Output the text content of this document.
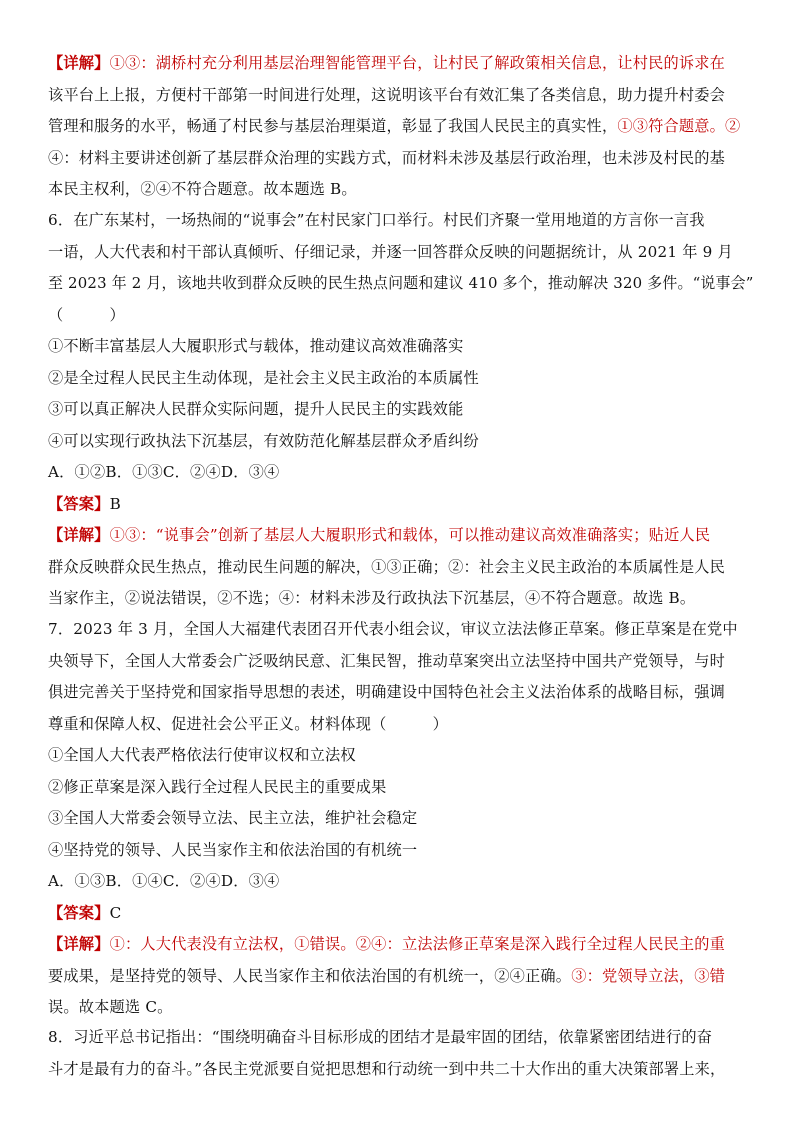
【详解】①③：湖桥村充分利用基层治理智能管理平台，让村民了解政策相关信息，让村民的诉求在
该平台上上报，方便村干部第一时间进行处理，这说明该平台有效汇集了各类信息，助力提升村委会
管理和服务的水平，畅通了村民参与基层治理渠道，彰显了我国人民民主的真实性，①③符合题意。②
④：材料主要讲述创新了基层群众治理的实践方式，而材料未涉及基层行政治理，也未涉及村民的基
本民主权利，②④不符合题意。故本题选 B。
6．在广东某村，一场热闹的“说事会”在村民家门口举行。村民们齐聚一堂用地道的方言你一言我
一语，人大代表和村干部认真倾听、仔细记录，并逐一回答群众反映的问题据统计，从 2021 年 9 月
至 2023 年 2 月，该地共收到群众反映的民生热点问题和建议 410 多个，推动解决 320 多件。“说事会”
（　　　）
①不断丰富基层人大履职形式与载体，推动建议高效准确落实
②是全过程人民民主生动体现，是社会主义民主政治的本质属性
③可以真正解决人民群众实际问题，提升人民民主的实践效能
④可以实现行政执法下沉基层，有效防范化解基层群众矛盾纠纷
A．①②B．①③C．②④D．③④
【答案】B
【详解】①③：“说事会”创新了基层人大履职形式和载体，可以推动建议高效准确落实；贴近人民
群众反映群众民生热点，推动民生问题的解决，①③正确；②：社会主义民主政治的本质属性是人民
当家作主，②说法错误，②不选；④：材料未涉及行政执法下沉基层，④不符合题意。故选 B。
7．2023 年 3 月，全国人大福建代表团召开代表小组会议，审议立法法修正草案。修正草案是在党中
央领导下，全国人大常委会广泛吸纳民意、汇集民智，推动草案突出立法坚持中国共产党领导，与时
俱进完善关于坚持党和国家指导思想的表述，明确建设中国特色社会主义法治体系的战略目标，强调
尊重和保障人权、促进社会公平正义。材料体现（　　　）
①全国人大代表严格依法行使审议权和立法权
②修正草案是深入践行全过程人民民主的重要成果
③全国人大常委会领导立法、民主立法，维护社会稳定
④坚持党的领导、人民当家作主和依法治国的有机统一
A．①③B．①④C．②④D．③④
【答案】C
【详解】①：人大代表没有立法权，①错误。②④：立法法修正草案是深入践行全过程人民民主的重
要成果，是坚持党的领导、人民当家作主和依法治国的有机统一，②④正确。③：党领导立法，③错
误。故本题选 C。
8．习近平总书记指出：“围绕明确奋斗目标形成的团结才是最牢固的团结，依靠紧密团结进行的奋
斗才是最有力的奋斗。”各民主党派要自觉把思想和行动统一到中共二十大作出的重大决策部署上来，
